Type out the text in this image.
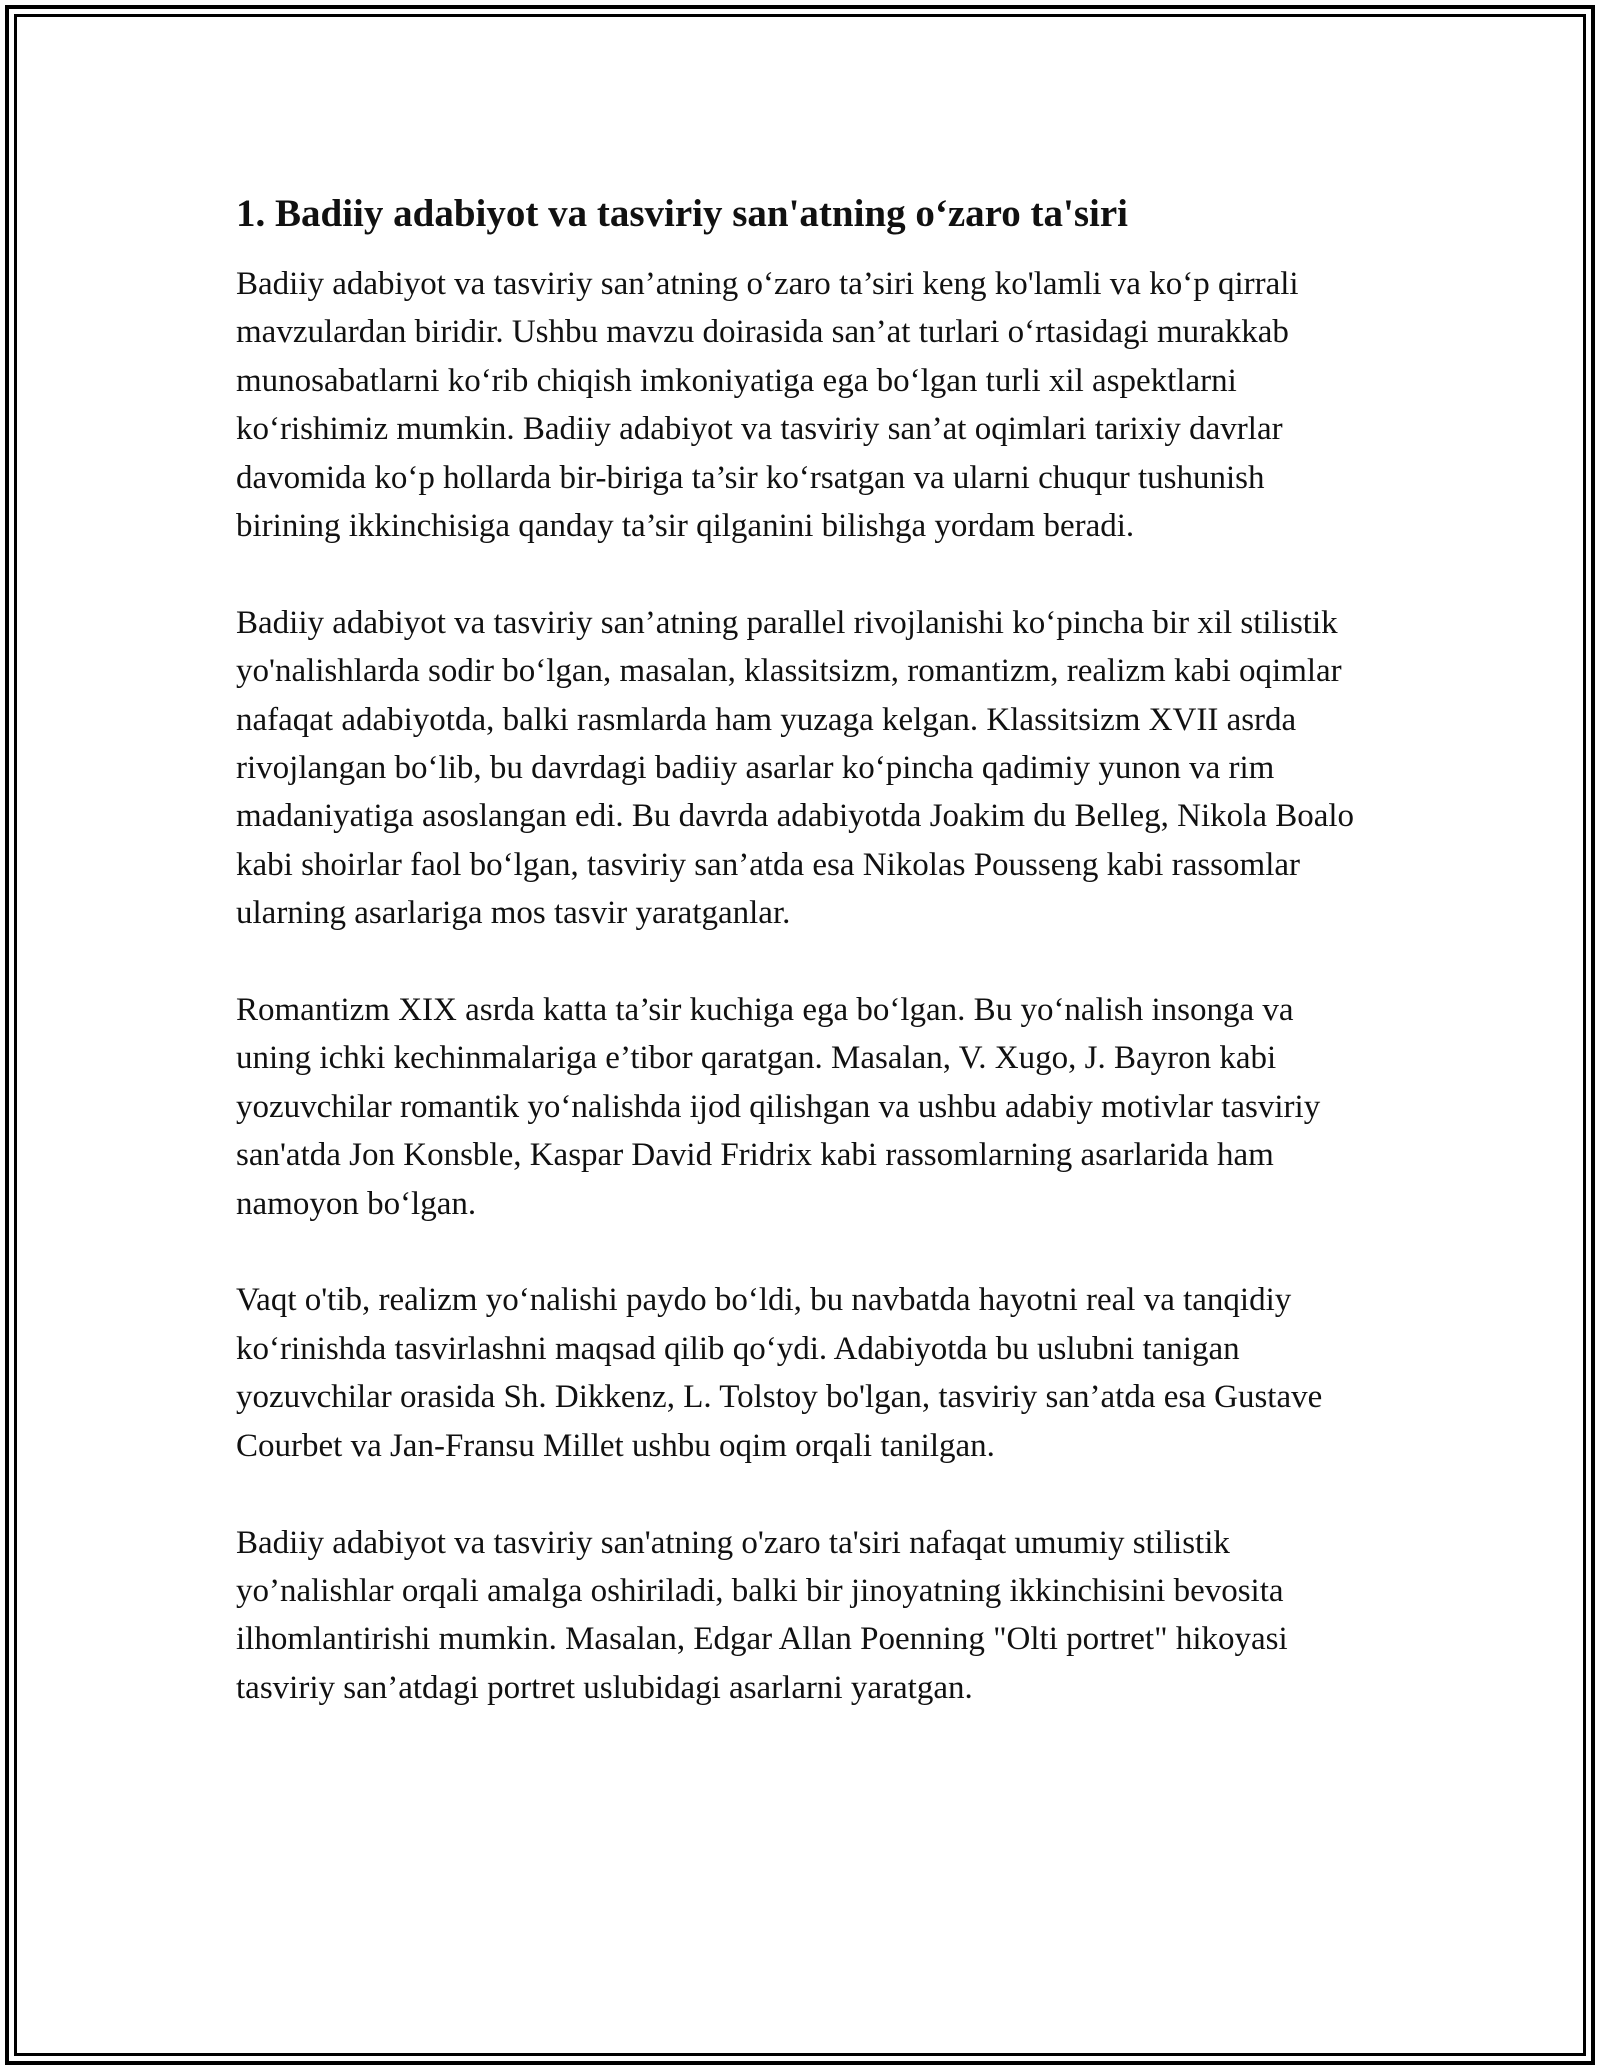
1. Badiiy adabiyot va tasviriy san'atning o‘zaro ta'siri

Badiiy adabiyot va tasviriy san’atning o‘zaro ta’siri keng ko'lamli va ko‘p qirrali mavzulardan biridir. Ushbu mavzu doirasida san’at turlari o‘rtasidagi murakkab munosabatlarni ko‘rib chiqish imkoniyatiga ega bo‘lgan turli xil aspektlarni ko‘rishimiz mumkin. Badiiy adabiyot va tasviriy san’at oqimlari tarixiy davrlar davomida ko‘p hollarda bir-biriga ta’sir ko‘rsatgan va ularni chuqur tushunish birining ikkinchisiga qanday ta’sir qilganini bilishga yordam beradi.

Badiiy adabiyot va tasviriy san’atning parallel rivojlanishi ko‘pincha bir xil stilistik yo'nalishlarda sodir bo‘lgan, masalan, klassitsizm, romantizm, realizm kabi oqimlar nafaqat adabiyotda, balki rasmlarda ham yuzaga kelgan. Klassitsizm XVII asrda rivojlangan bo‘lib, bu davrdagi badiiy asarlar ko‘pincha qadimiy yunon va rim madaniyatiga asoslangan edi. Bu davrda adabiyotda Joakim du Belleg, Nikola Boalo kabi shoirlar faol bo‘lgan, tasviriy san’atda esa Nikolas Pousseng kabi rassomlar ularning asarlariga mos tasvir yaratganlar.

Romantizm XIX asrda katta ta’sir kuchiga ega bo‘lgan. Bu yo‘nalish insonga va uning ichki kechinmalariga e’tibor qaratgan. Masalan, V. Xugo, J. Bayron kabi yozuvchilar romantik yo‘nalishda ijod qilishgan va ushbu adabiy motivlar tasviriy san'atda Jon Konsble, Kaspar David Fridrix kabi rassomlarning asarlarida ham namoyon bo‘lgan.

Vaqt o'tib, realizm yo‘nalishi paydo bo‘ldi, bu navbatda hayotni real va tanqidiy ko‘rinishda tasvirlashni maqsad qilib qo‘ydi. Adabiyotda bu uslubni tanigan yozuvchilar orasida Sh. Dikkenz, L. Tolstoy bo'lgan, tasviriy san’atda esa Gustave Courbet va Jan-Fransu Millet ushbu oqim orqali tanilgan.

Badiiy adabiyot va tasviriy san'atning o'zaro ta'siri nafaqat umumiy stilistik yo’nalishlar orqali amalga oshiriladi, balki bir jinoyatning ikkinchisini bevosita ilhomlantirishi mumkin. Masalan, Edgar Allan Poenning "Olti portret" hikoyasi tasviriy san’atdagi portret uslubidagi asarlarni yaratgan.
